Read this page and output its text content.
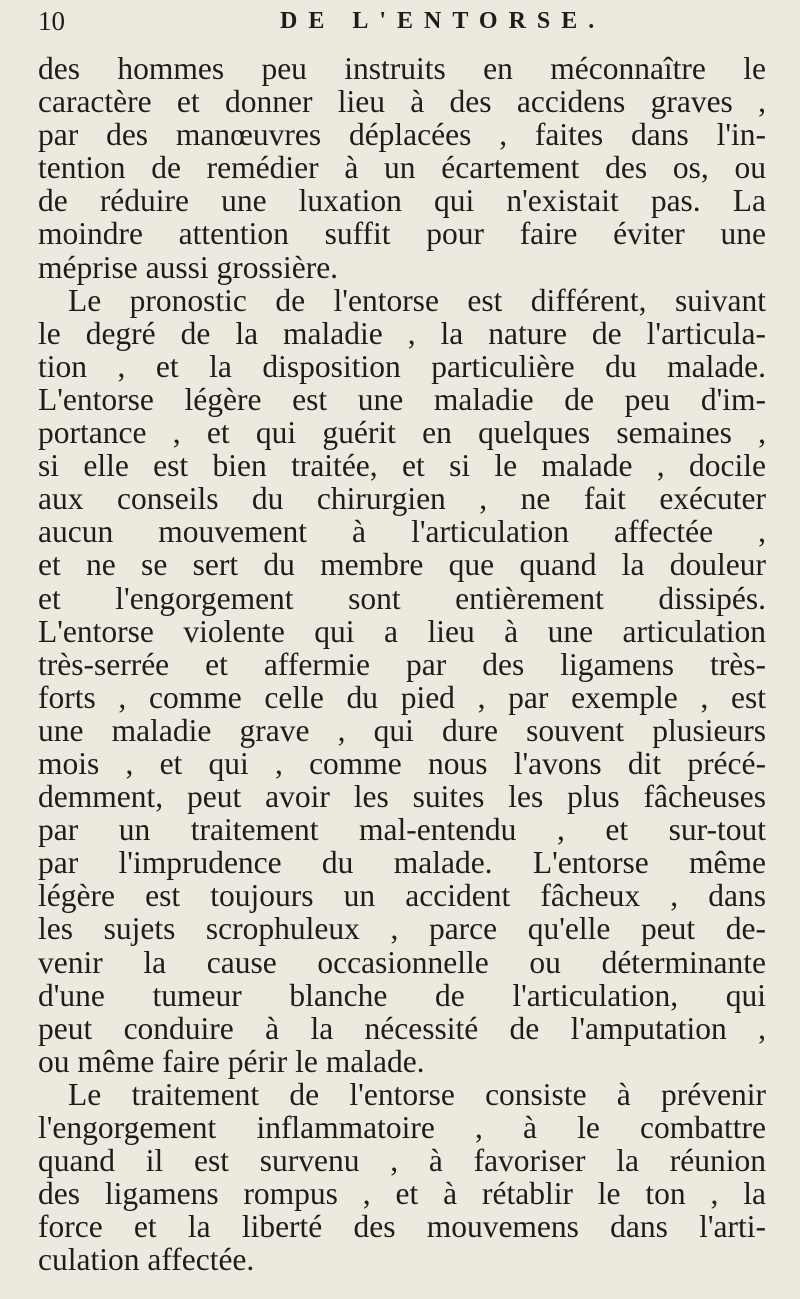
10	DE L'ENTORSE.
des hommes peu instruits en méconnaître le
caractère et donner lieu à des accidens graves ,
par des manœuvres déplacées , faites dans l'in-
tention de remédier à un écartement des os, ou
de réduire une luxation qui n'existait pas. La
moindre attention suffit pour faire éviter une
méprise aussi grossière.
Le pronostic de l'entorse est différent, suivant
le degré de la maladie , la nature de l'articula-
tion , et la disposition particulière du malade.
L'entorse légère est une maladie de peu d'im-
portance , et qui guérit en quelques semaines ,
si elle est bien traitée, et si le malade , docile
aux conseils du chirurgien , ne fait exécuter
aucun mouvement à l'articulation affectée ,
et ne se sert du membre que quand la douleur
et l'engorgement sont entièrement dissipés.
L'entorse violente qui a lieu à une articulation
très-serrée et affermie par des ligamens très-
forts , comme celle du pied , par exemple , est
une maladie grave , qui dure souvent plusieurs
mois , et qui , comme nous l'avons dit précé-
demment, peut avoir les suites les plus fâcheuses
par un traitement mal-entendu , et sur-tout
par l'imprudence du malade. L'entorse même
légère est toujours un accident fâcheux , dans
les sujets scrophuleux , parce qu'elle peut de-
venir la cause occasionnelle ou déterminante
d'une tumeur blanche de l'articulation, qui
peut conduire à la nécessité de l'amputation ,
ou même faire périr le malade.
Le traitement de l'entorse consiste à prévenir
l'engorgement inflammatoire , à le combattre
quand il est survenu , à favoriser la réunion
des ligamens rompus , et à rétablir le ton , la
force et la liberté des mouvemens dans l'arti-
culation affectée.
